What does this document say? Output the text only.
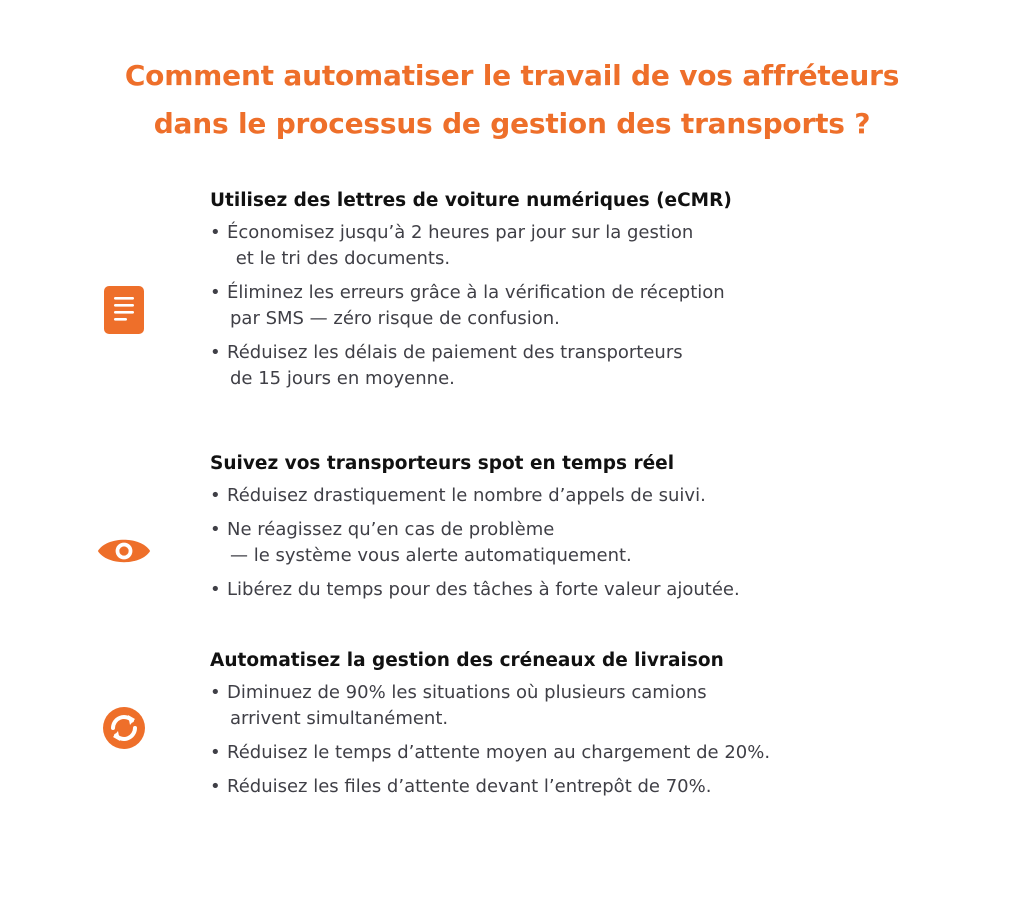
Comment automatiser le travail de vos affréteurs
dans le processus de gestion des transports ?
Utilisez des lettres de voiture numériques (eCMR)
• Économisez jusqu’à 2 heures par jour sur la gestion
et le tri des documents.
• Éliminez les erreurs grâce à la vérification de réception
par SMS — zéro risque de confusion.
• Réduisez les délais de paiement des transporteurs
de 15 jours en moyenne.
Suivez vos transporteurs spot en temps réel
• Réduisez drastiquement le nombre d’appels de suivi.
• Ne réagissez qu’en cas de problème
— le système vous alerte automatiquement.
• Libérez du temps pour des tâches à forte valeur ajoutée.
Automatisez la gestion des créneaux de livraison
• Diminuez de 90% les situations où plusieurs camions
arrivent simultanément.
• Réduisez le temps d’attente moyen au chargement de 20%.
• Réduisez les files d’attente devant l’entrepôt de 70%.
